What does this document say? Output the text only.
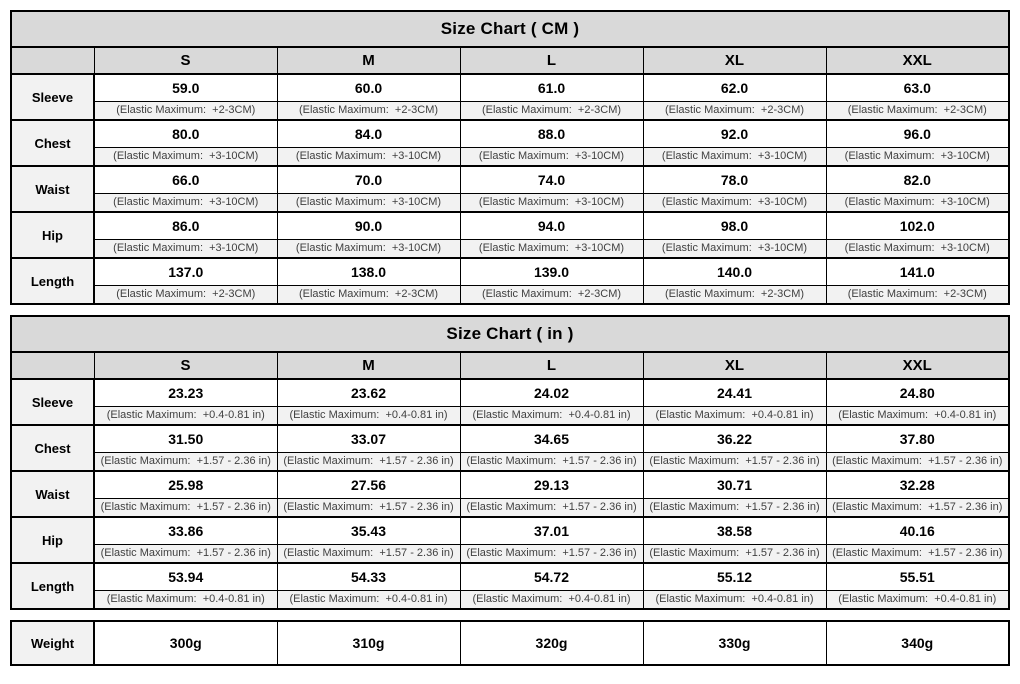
Size Chart ( CM )					
	S	M	L	XL	XXL
Sleeve	59.0	60.0	61.0	62.0	63.0
	(Elastic Maximum:  +2-3CM)	(Elastic Maximum:  +2-3CM)	(Elastic Maximum:  +2-3CM)	(Elastic Maximum:  +2-3CM)	(Elastic Maximum:  +2-3CM)
Chest	80.0	84.0	88.0	92.0	96.0
	(Elastic Maximum:  +3-10CM)	(Elastic Maximum:  +3-10CM)	(Elastic Maximum:  +3-10CM)	(Elastic Maximum:  +3-10CM)	(Elastic Maximum:  +3-10CM)
Waist	66.0	70.0	74.0	78.0	82.0
	(Elastic Maximum:  +3-10CM)	(Elastic Maximum:  +3-10CM)	(Elastic Maximum:  +3-10CM)	(Elastic Maximum:  +3-10CM)	(Elastic Maximum:  +3-10CM)
Hip	86.0	90.0	94.0	98.0	102.0
	(Elastic Maximum:  +3-10CM)	(Elastic Maximum:  +3-10CM)	(Elastic Maximum:  +3-10CM)	(Elastic Maximum:  +3-10CM)	(Elastic Maximum:  +3-10CM)
Length	137.0	138.0	139.0	140.0	141.0
	(Elastic Maximum:  +2-3CM)	(Elastic Maximum:  +2-3CM)	(Elastic Maximum:  +2-3CM)	(Elastic Maximum:  +2-3CM)	(Elastic Maximum:  +2-3CM)
Size Chart ( in )					
	S	M	L	XL	XXL
Sleeve	23.23	23.62	24.02	24.41	24.80
	(Elastic Maximum:  +0.4-0.81 in)	(Elastic Maximum:  +0.4-0.81 in)	(Elastic Maximum:  +0.4-0.81 in)	(Elastic Maximum:  +0.4-0.81 in)	(Elastic Maximum:  +0.4-0.81 in)
Chest	31.50	33.07	34.65	36.22	37.80
	(Elastic Maximum:  +1.57 - 2.36 in)	(Elastic Maximum:  +1.57 - 2.36 in)	(Elastic Maximum:  +1.57 - 2.36 in)	(Elastic Maximum:  +1.57 - 2.36 in)	(Elastic Maximum:  +1.57 - 2.36 in)
Waist	25.98	27.56	29.13	30.71	32.28
	(Elastic Maximum:  +1.57 - 2.36 in)	(Elastic Maximum:  +1.57 - 2.36 in)	(Elastic Maximum:  +1.57 - 2.36 in)	(Elastic Maximum:  +1.57 - 2.36 in)	(Elastic Maximum:  +1.57 - 2.36 in)
Hip	33.86	35.43	37.01	38.58	40.16
	(Elastic Maximum:  +1.57 - 2.36 in)	(Elastic Maximum:  +1.57 - 2.36 in)	(Elastic Maximum:  +1.57 - 2.36 in)	(Elastic Maximum:  +1.57 - 2.36 in)	(Elastic Maximum:  +1.57 - 2.36 in)
Length	53.94	54.33	54.72	55.12	55.51
	(Elastic Maximum:  +0.4-0.81 in)	(Elastic Maximum:  +0.4-0.81 in)	(Elastic Maximum:  +0.4-0.81 in)	(Elastic Maximum:  +0.4-0.81 in)	(Elastic Maximum:  +0.4-0.81 in)
Weight	300g	310g	320g	330g	340g
